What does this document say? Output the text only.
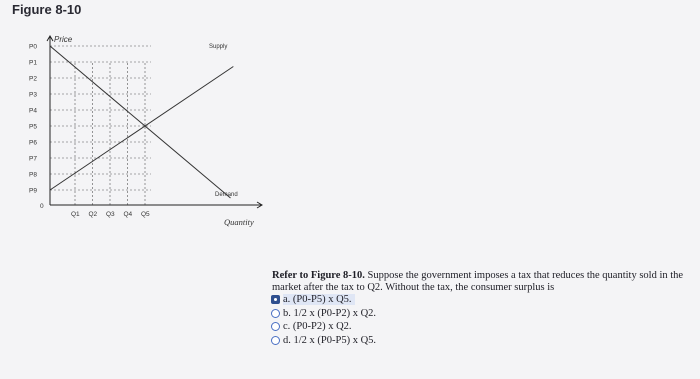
Figure 8-10
P0
P1
P2
P3
P4
P5
P6
P7
P8
P9
0
Q1 Q2 Q3 Q4 Q5
Price
Quantity
Supply
Demand
Refer to Figure 8-10. Suppose the government imposes a tax that reduces the quantity sold in the market after the tax to Q2. Without the tax, the consumer surplus is
a. (P0-P5) x Q5.
b. 1/2 x (P0-P2) x Q2.
c. (P0-P2) x Q2.
d. 1/2 x (P0-P5) x Q5.
